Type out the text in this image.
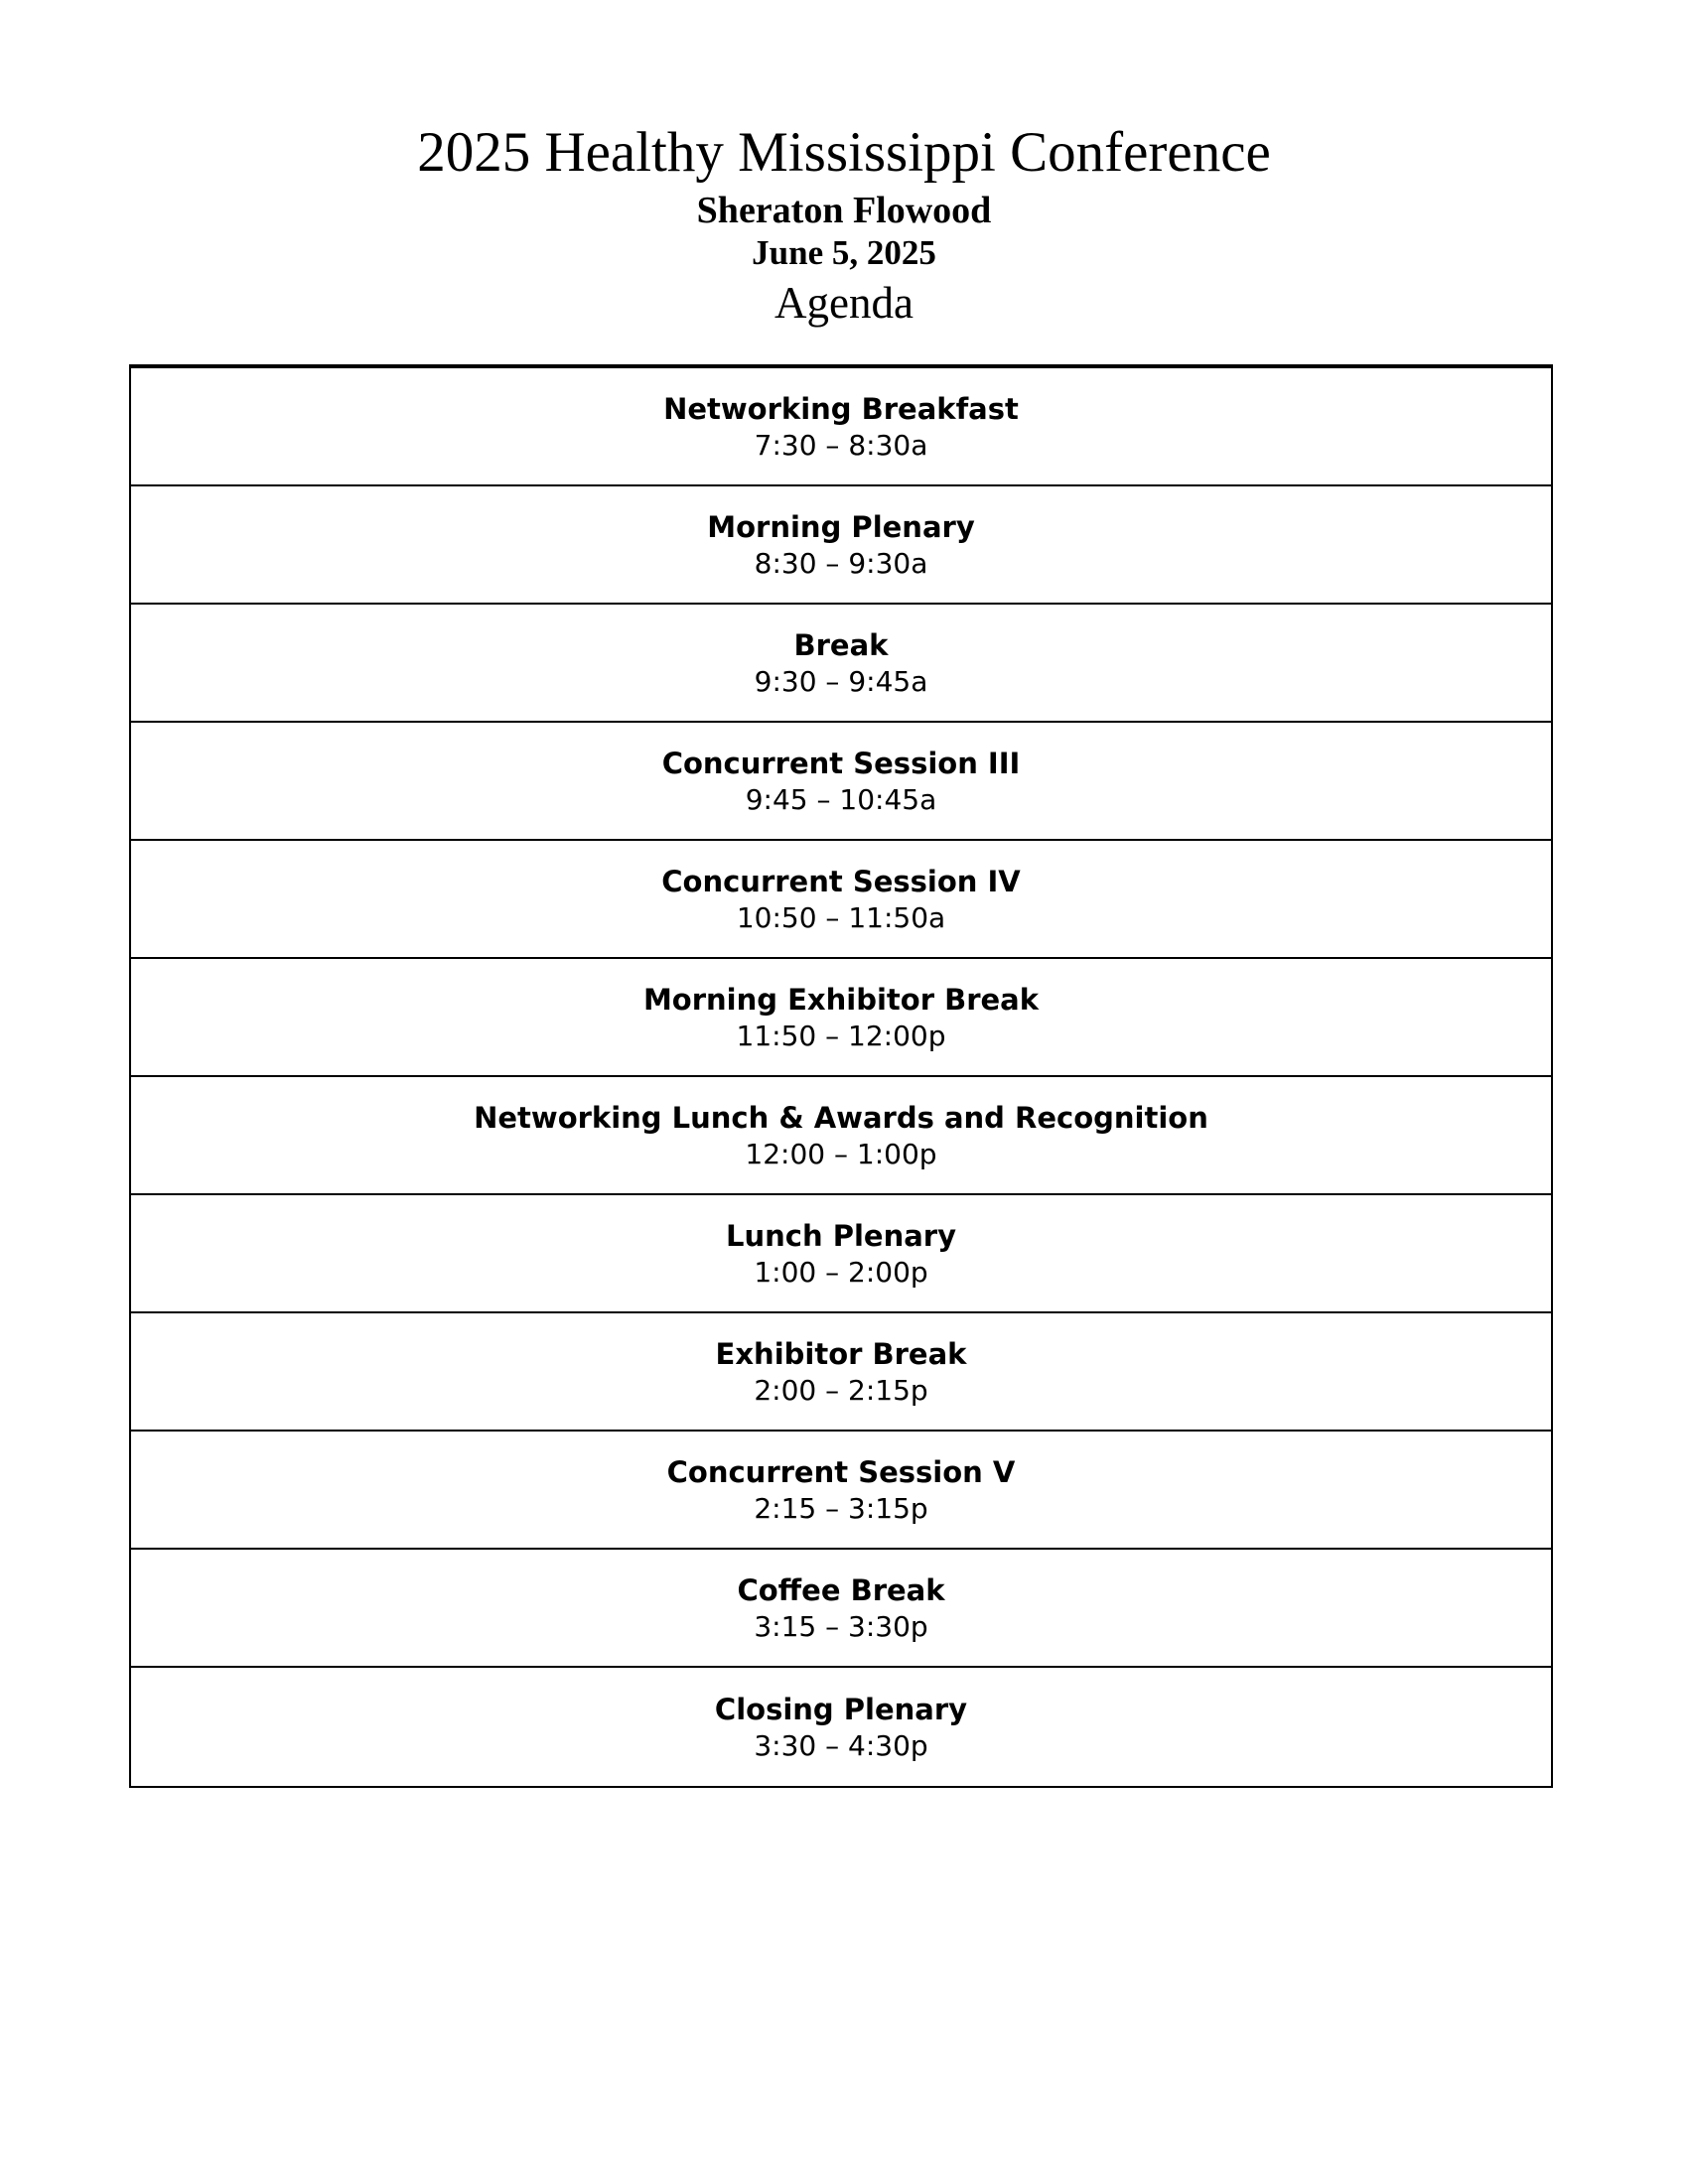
2025 Healthy Mississippi Conference
Sheraton Flowood
June 5, 2025
Agenda
Networking Breakfast
7:30 – 8:30a
Morning Plenary
8:30 – 9:30a
Break
9:30 – 9:45a
Concurrent Session III
9:45 – 10:45a
Concurrent Session IV
10:50 – 11:50a
Morning Exhibitor Break
11:50 – 12:00p
Networking Lunch & Awards and Recognition
12:00 – 1:00p
Lunch Plenary
1:00 – 2:00p
Exhibitor Break
2:00 – 2:15p
Concurrent Session V
2:15 – 3:15p
Coffee Break
3:15 – 3:30p
Closing Plenary
3:30 – 4:30p
